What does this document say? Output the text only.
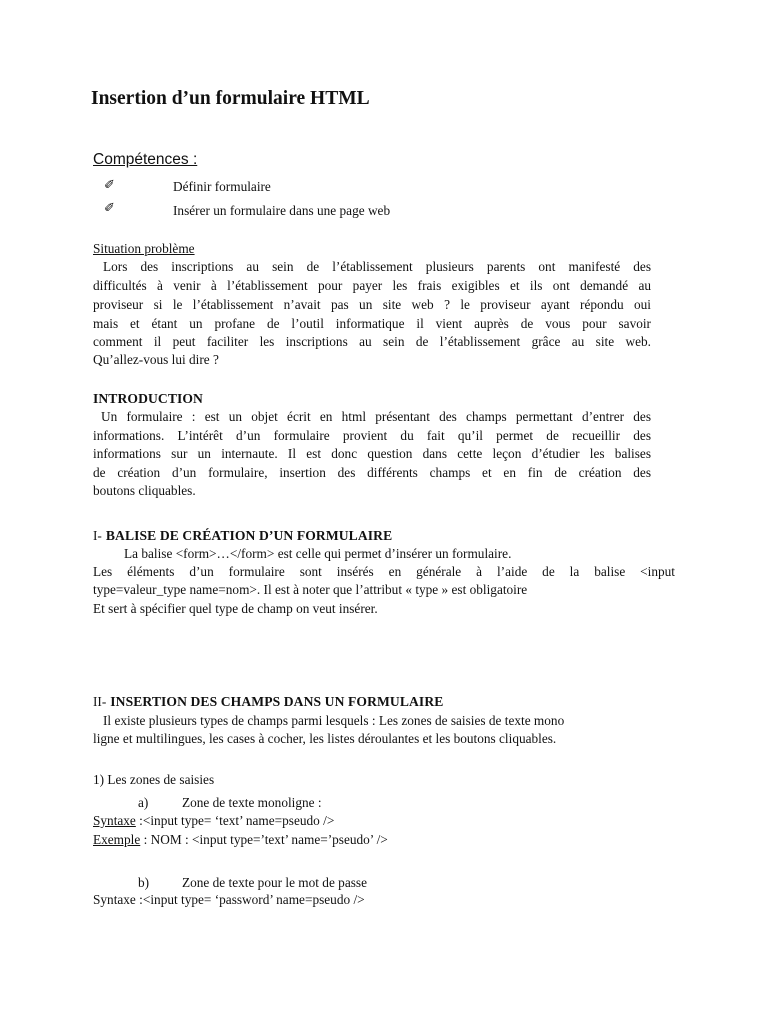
Insertion d’un formulaire HTML
Compétences :
✐	Définir formulaire
✐	Insérer un formulaire dans une page web
Situation problème
Lors des inscriptions au sein de l’établissement plusieurs parents ont manifesté des
difficultés à venir à l’établissement pour payer les frais exigibles et ils ont demandé au
proviseur si le l’établissement n’avait pas un site web ? le proviseur ayant répondu oui
mais et étant un profane de l’outil informatique il vient auprès de vous pour savoir
comment il peut faciliter les inscriptions au sein de l’établissement grâce au site web.
Qu’allez-vous lui dire ?
INTRODUCTION
Un formulaire : est un objet écrit en html présentant des champs permettant d’entrer des
informations. L’intérêt d’un formulaire provient du fait qu’il permet de recueillir des
informations sur un internaute. Il est donc question dans cette leçon d’étudier les balises
de création d’un formulaire, insertion des différents champs et en fin de création des
boutons cliquables.
I- BALISE DE CRÉATION D’UN FORMULAIRE
La balise <form>…</form> est celle qui permet d’insérer un formulaire.
Les éléments d’un formulaire sont insérés en générale à l’aide de la balise <input
type=valeur_type name=nom>. Il est à noter que l’attribut « type » est obligatoire
Et sert à spécifier quel type de champ on veut insérer.
II- INSERTION DES CHAMPS DANS UN FORMULAIRE
Il existe plusieurs types de champs parmi lesquels : Les zones de saisies de texte mono
ligne et multilingues, les cases à cocher, les listes déroulantes et les boutons cliquables.
1) Les zones de saisies
a)	Zone de texte monoligne :
Syntaxe :<input type= ‘text’ name=pseudo />
Exemple : NOM : <input type=’text’ name=’pseudo’ />
b) Zone de texte pour le mot de passe
Syntaxe :<input type= ‘password’ name=pseudo />
